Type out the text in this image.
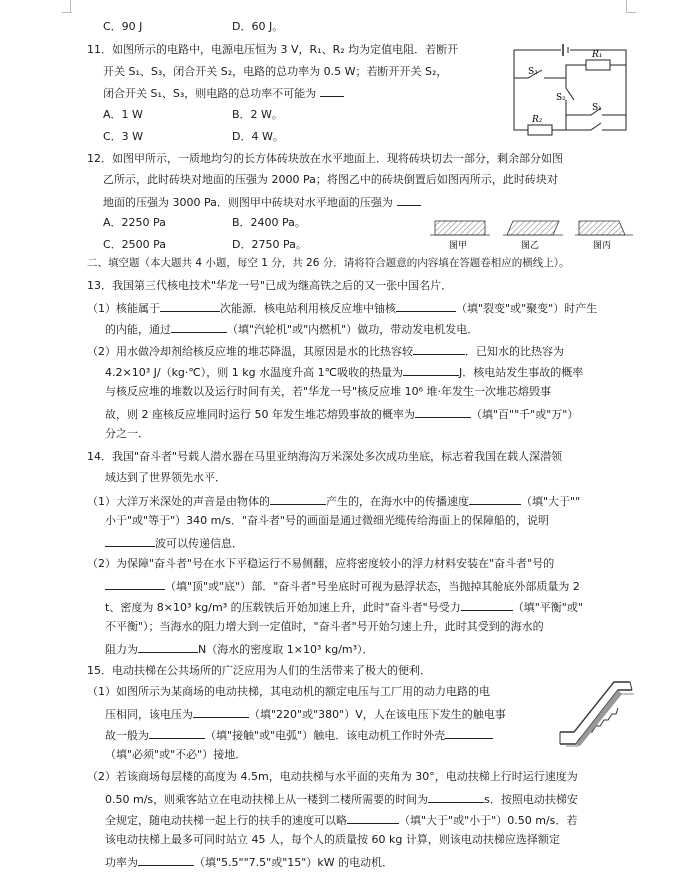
C．90 J	D．60 J。
11．如图所示的电路中，电源电压恒为 3 V，R₁、R₂ 均为定值电阻．若断开
开关 S₁、S₃，闭合开关 S₂，电路的总功率为 0.5 W；若断开开关 S₂，
闭合开关 S₁、S₃，则电路的总功率不可能为
A．1 W	B．2 W。
C．3 W	D．4 W。
S₃
R₁
S₂
R₂
S₁
12．如图甲所示，一质地均匀的长方体砖块放在水平地面上．现将砖块切去一部分，剩余部分如图
乙所示，此时砖块对地面的压强为 2000 Pa；将图乙中的砖块倒置后如图丙所示，此时砖块对
地面的压强为 3000 Pa．则图甲中砖块对水平地面的压强为
A．2250 Pa	B．2400 Pa。
C．2500 Pa	D．2750 Pa。	图甲	图乙	图丙
二、填空题（本大题共 4 小题，每空 1 分，共 26 分．请将符合题意的内容填在答题卷相应的横线上）。
13．我国第三代核电技术"华龙一号"已成为继高铁之后的又一张中国名片．
（1）核能属于	次能源．核电站利用核反应堆中铀核	（填"裂变"或"聚变"）时产生
的内能，通过	（填"汽轮机"或"内燃机"）做功，带动发电机发电．
（2）用水做冷却剂给核反应堆的堆芯降温，其原因是水的比热容较	．已知水的比热容为
4.2×10³ J/（kg·℃），则 1 kg 水温度升高 1℃吸收的热量为	J．核电站发生事故的概率
与核反应堆的堆数以及运行时间有关，若"华龙一号"核反应堆 10⁶ 堆·年发生一次堆芯熔毁事
故，则 2 座核反应堆同时运行 50 年发生堆芯熔毁事故的概率为	（填"百""千"或"万"）
分之一．
14．我国"奋斗者"号载人潜水器在马里亚纳海沟万米深处多次成功坐底，标志着我国在载人深潜领
域达到了世界领先水平．
（1）大洋万米深处的声音是由物体的	产生的，在海水中的传播速度	（填"大于""
小于"或"等于"）340 m/s．"奋斗者"号的画面是通过微细光缆传给海面上的保障船的，说明
波可以传递信息．
（2）为保障"奋斗者"号在水下平稳运行不易侧翻，应将密度较小的浮力材料安装在"奋斗者"号的
（填"顶"或"底"）部．"奋斗者"号坐底时可视为悬浮状态，当抛掉其舱底外部质量为 2
t、密度为 8×10³ kg/m³ 的压载铁后开始加速上升，此时"奋斗者"号受力	（填"平衡"或"
不平衡"）；当海水的阻力增大到一定值时，"奋斗者"号开始匀速上升，此时其受到的海水的
阻力为	N（海水的密度取 1×10³ kg/m³）．
15．电动扶梯在公共场所的广泛应用为人们的生活带来了极大的便利．
（1）如图所示为某商场的电动扶梯，其电动机的额定电压与工厂用的动力电路的电
压相同，该电压为	（填"220"或"380"）V，人在该电压下发生的触电事
故一般为	（填"接触"或"电弧"）触电．该电动机工作时外壳
（填"必须"或"不必"）接地．
（2）若该商场每层楼的高度为 4.5m，电动扶梯与水平面的夹角为 30°，电动扶梯上行时运行速度为
0.50 m/s，则乘客站立在电动扶梯上从一楼到二楼所需要的时间为	s．按照电动扶梯安
全规定，随电动扶梯一起上行的扶手的速度可以略	（填"大于"或"小于"）0.50 m/s．若
该电动扶梯上最多可同时站立 45 人，每个人的质量按 60 kg 计算，则该电动扶梯应选择额定
功率为	（填"5.5""7.5"或"15"）kW 的电动机．
